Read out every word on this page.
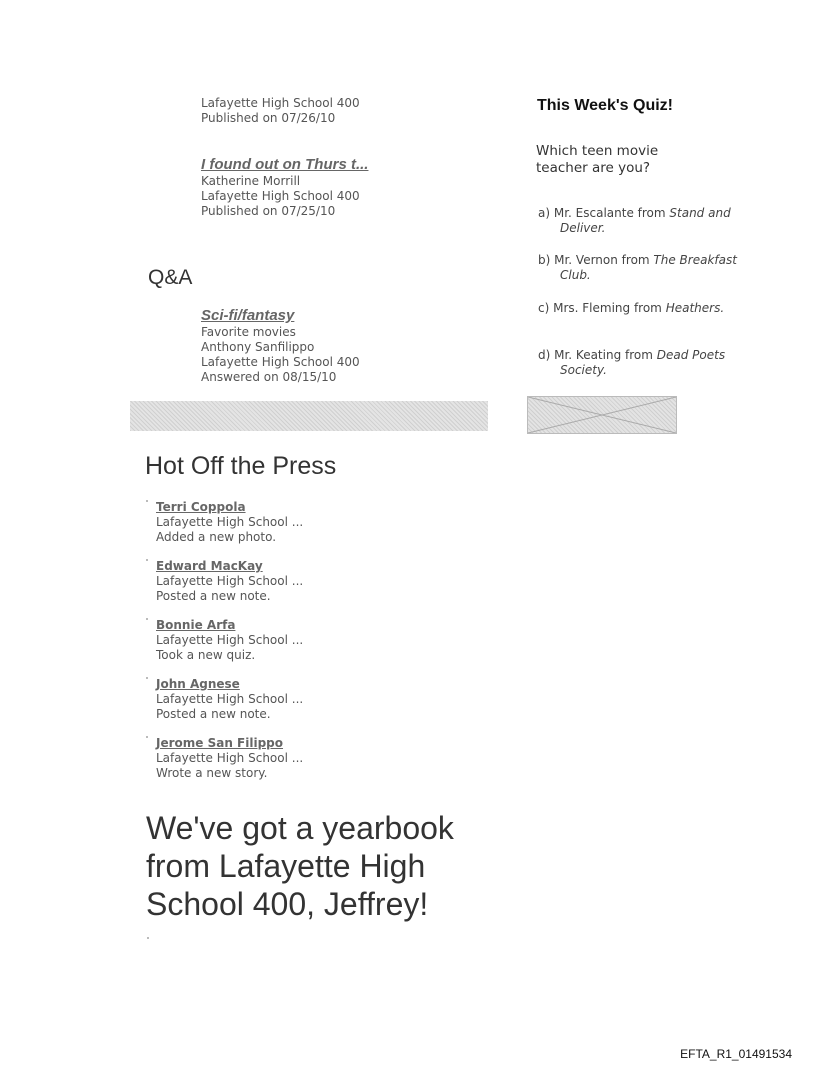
Lafayette High School 400
Published on 07/26/10
I found out on Thurs t...
Katherine Morrill
Lafayette High School 400
Published on 07/25/10
Q&A
Sci-fi/fantasy
Favorite movies
Anthony Sanfilippo
Lafayette High School 400
Answered on 08/15/10
This Week's Quiz!
Which teen movie teacher are you?
a) Mr. Escalante from Stand and Deliver.
b) Mr. Vernon from The Breakfast Club.
c) Mrs. Fleming from Heathers.
d) Mr. Keating from Dead Poets Society.
Hot Off the Press
Terri Coppola
Lafayette High School ...
Added a new photo.
Edward MacKay
Lafayette High School ...
Posted a new note.
Bonnie Arfa
Lafayette High School ...
Took a new quiz.
John Agnese
Lafayette High School ...
Posted a new note.
Jerome San Filippo
Lafayette High School ...
Wrote a new story.
We've got a yearbook from Lafayette High School 400, Jeffrey!
EFTA_R1_01491534
